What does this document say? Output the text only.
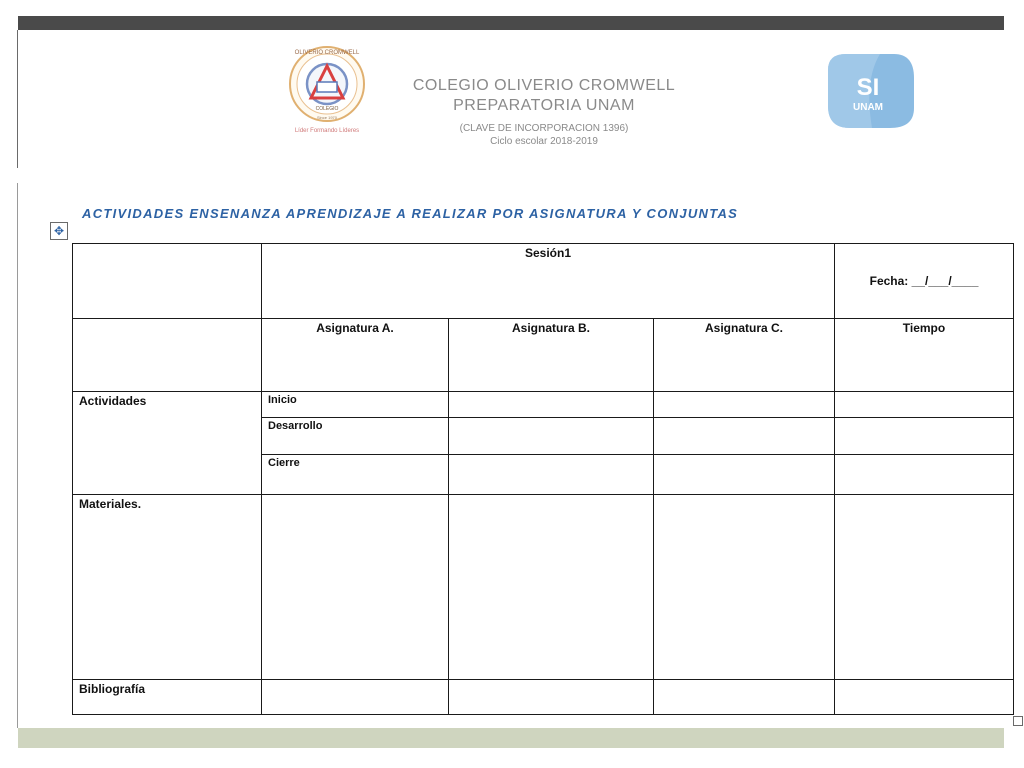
OLIVERIO CROMWELL
COLEGIO
Since 1970
Líder Formando Líderes
COLEGIO OLIVERIO CROMWELL
PREPARATORIA UNAM
(CLAVE DE INCORPORACION 1396)
Ciclo escolar 2018-2019
SI
UNAM
ACTIVIDADES ENSENANZA APRENDIZAJE A REALIZAR POR ASIGNATURA Y CONJUNTAS
✥
	Sesión1			Fecha: __/___/____
	Asignatura A.	Asignatura B.	Asignatura C.	Tiempo
Actividades	Inicio			
	Desarrollo			
	Cierre			
Materiales.				
Bibliografía				
